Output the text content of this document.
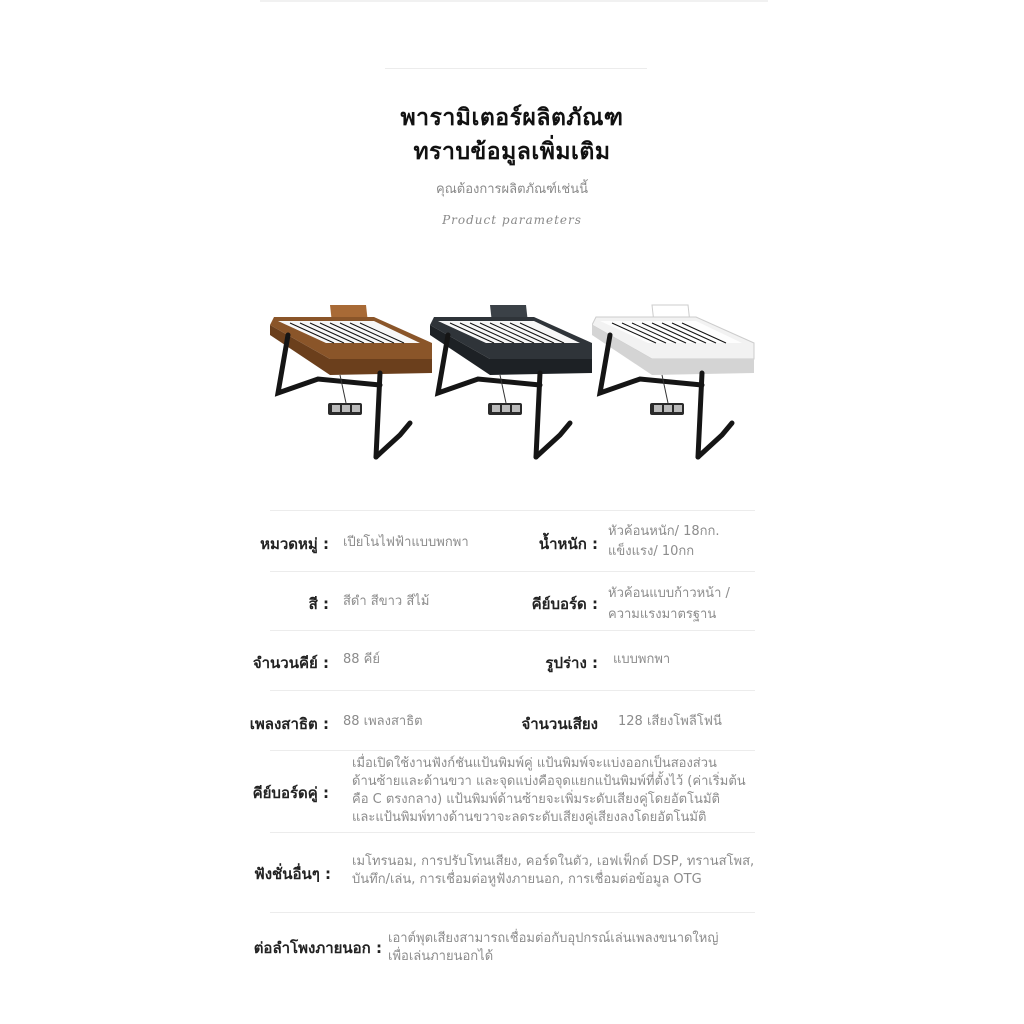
พารามิเตอร์ผลิตภัณฑ
ทราบข้อมูลเพิ่มเติม
คุณต้องการผลิตภัณฑ์เช่นนี้
Product parameters
หมวดหมู่ : เปียโนไฟฟ้าแบบพกพา	น้ำหนัก :
หัวค้อนหนัก/ 18กก.
แข็งแรง/ 10กก
สี : สีดำ สีขาว สีไม้	คีย์บอร์ด :
หัวค้อนแบบก้าวหน้า /
ความแรงมาตรฐาน
จำนวนคีย์ : 88 คีย์	รูปร่าง : แบบพกพา
เพลงสาธิต : 88 เพลงสาธิต	จำนวนเสียง 128 เสียงโพลีโฟนี
คีย์บอร์ดคู่ :
เมื่อเปิดใช้งานฟังก์ชันแป้นพิมพ์คู่ แป้นพิมพ์จะแบ่งออกเป็นสองส่วน
ด้านซ้ายและด้านขวา และจุดแบ่งคือจุดแยกแป้นพิมพ์ที่ตั้งไว้ (ค่าเริ่มต้น
คือ C ตรงกลาง) แป้นพิมพ์ด้านซ้ายจะเพิ่มระดับเสียงคู่โดยอัตโนมัติ
และแป้นพิมพ์ทางด้านขวาจะลดระดับเสียงคู่เสียงลงโดยอัตโนมัติ
ฟังชั่นอื่นๆ :
เมโทรนอม, การปรับโทนเสียง, คอร์ดในตัว, เอฟเฟ็กต์ DSP, ทรานสโพส,
บันทึก/เล่น, การเชื่อมต่อหูฟังภายนอก, การเชื่อมต่อข้อมูล OTG
ต่อลำโพงภายนอก :
เอาต์พุตเสียงสามารถเชื่อมต่อกับอุปกรณ์เล่นเพลงขนาดใหญ่
เพื่อเล่นภายนอกได้
